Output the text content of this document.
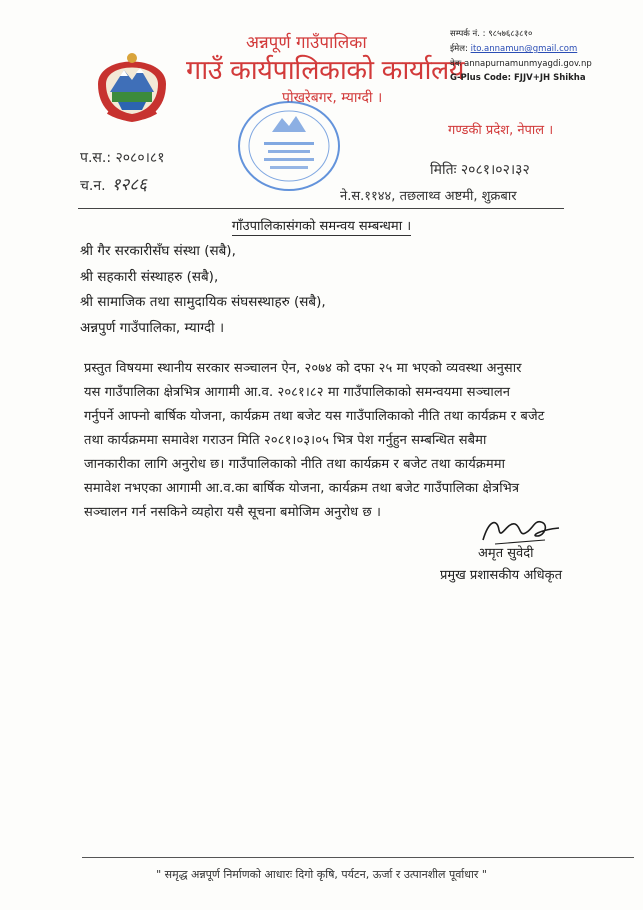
अन्नपूर्ण गाउँपालिका
गाउँ कार्यपालिकाको कार्यालय
पोखरेबगर, म्याग्दी ।
गण्डकी प्रदेश, नेपाल ।
सम्पर्क नं. : ९८५७६८३८१०
ईमेल: ito.annamun@gmail.com
वेबः annapurnamunmyagdi.gov.np
G-Plus Code: FJJV+JH Shikha
प.स.: २०८०।८१
च.न. १२८६
मितिः २०८१।०२।३२
ने.स.११४४, तछलाथ्व अष्टमी, शुक्रबार
गाँउपालिकासंगको समन्वय सम्बन्धमा ।
श्री गैर सरकारीसँघ संस्था (सबै),
श्री सहकारी संस्थाहरु (सबै),
श्री सामाजिक तथा सामुदायिक संघसस्थाहरु (सबै),
अन्नपुर्ण गाउँपालिका, म्याग्दी ।
प्रस्तुत विषयमा स्थानीय सरकार सञ्चालन ऐन, २०७४ को दफा २५ मा भएको व्यवस्था अनुसार
यस गाउँपालिका क्षेत्रभित्र आगामी आ.व. २०८१।८२ मा गाउँपालिकाको समन्वयमा सञ्चालन
गर्नुपर्ने आफ्नो बार्षिक योजना, कार्यक्रम तथा बजेट यस गाउँपालिकाको नीति तथा कार्यक्रम र बजेट
तथा कार्यक्रममा समावेश गराउन मिति २०८१।०३।०५ भित्र पेश गर्नुहुन सम्बन्धित सबैमा
जानकारीका लागि अनुरोध छ। गाउँपालिकाको नीति तथा कार्यक्रम र बजेट तथा कार्यक्रममा
समावेश नभएका आगामी आ.व.का बार्षिक योजना, कार्यक्रम तथा बजेट गाउँपालिका क्षेत्रभित्र
सञ्चालन गर्न नसकिने व्यहोरा यसै सूचना बमोजिम अनुरोध छ ।
अमृत सुवेदी
प्रमुख प्रशासकीय अधिकृत
" समृद्ध अन्नपूर्ण निर्माणको आधारः दिगो कृषि, पर्यटन, ऊर्जा र उत्पानशील पूर्वाधार "
